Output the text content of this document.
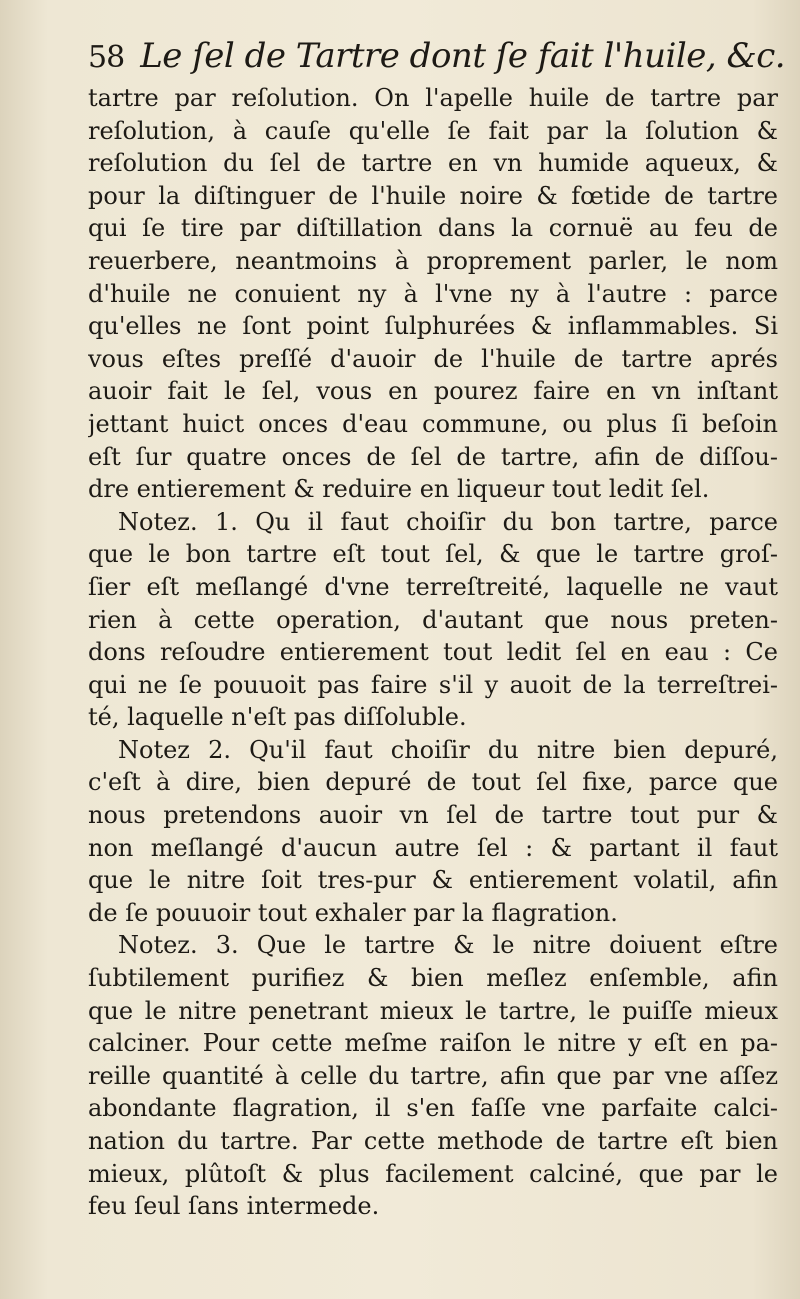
58 Le ſel de Tartre dont ſe fait l'huile, &c.
tartre par reſolution. On l'apelle huile de tartre par
reſolution, à cauſe qu'elle ſe fait par la ſolution &
reſolution du ſel de tartre en vn humide aqueux, &
pour la diſtinguer de l'huile noire & fœtide de tartre
qui ſe tire par diſtillation dans la cornuë au feu de
reuerbere, neantmoins à proprement parler, le nom
d'huile ne conuient ny à l'vne ny à l'autre : parce
qu'elles ne ſont point ſulphurées & inflammables. Si
vous eſtes preſſé d'auoir de l'huile de tartre aprés
auoir fait le ſel, vous en pourez faire en vn inſtant
jettant huict onces d'eau commune, ou plus ſi beſoin
eſt ſur quatre onces de ſel de tartre, afin de diſſou-
dre entierement & reduire en liqueur tout ledit ſel.
Notez. 1. Qu il faut choiſir du bon tartre, parce
que le bon tartre eſt tout ſel, & que le tartre groſ-
ſier eſt meſlangé d'vne terreſtreité, laquelle ne vaut
rien à cette operation, d'autant que nous preten-
dons reſoudre entierement tout ledit ſel en eau : Ce
qui ne ſe pouuoit pas faire s'il y auoit de la terreſtrei-
té, laquelle n'eſt pas diſſoluble.
Notez 2. Qu'il faut choiſir du nitre bien depuré,
c'eſt à dire, bien depuré de tout ſel fixe, parce que
nous pretendons auoir vn ſel de tartre tout pur &
non meſlangé d'aucun autre ſel : & partant il faut
que le nitre ſoit tres-pur & entierement volatil, afin
de ſe pouuoir tout exhaler par la flagration.
Notez. 3. Que le tartre & le nitre doiuent eſtre
ſubtilement purifiez & bien meſlez enſemble, afin
que le nitre penetrant mieux le tartre, le puiſſe mieux
calciner. Pour cette meſme raiſon le nitre y eſt en pa-
reille quantité à celle du tartre, afin que par vne aſſez
abondante flagration, il s'en faſſe vne parfaite calci-
nation du tartre. Par cette methode de tartre eſt bien
mieux, plûtoſt & plus facilement calciné, que par le
feu ſeul ſans intermede.
